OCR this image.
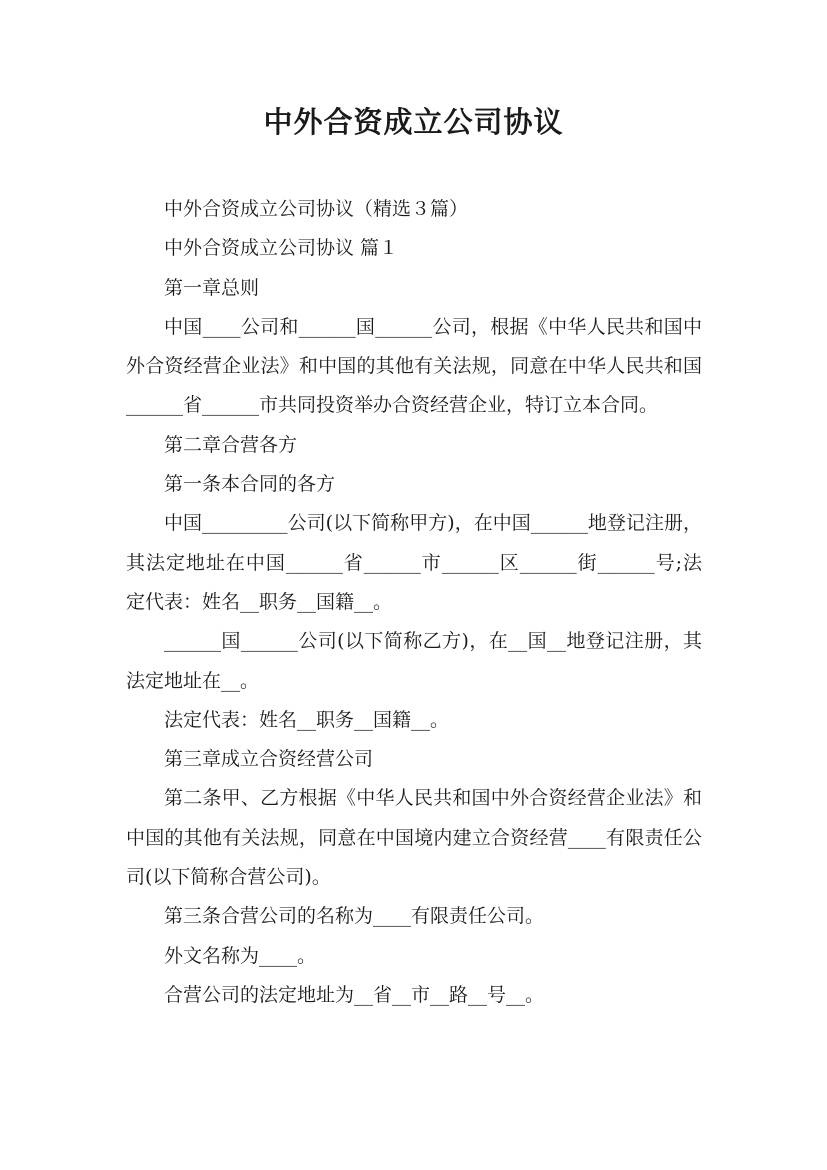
中外合资成立公司协议

中外合资成立公司协议（精选３篇）

中外合资成立公司协议 篇１

第一章总则

中国____公司和______国______公司，根据《中华人民共和国中外合资经营企业法》和中国的其他有关法规，同意在中华人民共和国______省______市共同投资举办合资经营企业，特订立本合同。

第二章合营各方

第一条本合同的各方

中国_________公司(以下简称甲方)，在中国______地登记注册，其法定地址在中国______省______市______区______街______号;法定代表：姓名__职务__国籍__。

______国______公司(以下简称乙方)，在__国__地登记注册，其法定地址在__。

法定代表：姓名__职务__国籍__。

第三章成立合资经营公司

第二条甲、乙方根据《中华人民共和国中外合资经营企业法》和中国的其他有关法规，同意在中国境内建立合资经营____有限责任公司(以下简称合营公司)。

第三条合营公司的名称为____有限责任公司。

外文名称为____。

合营公司的法定地址为__省__市__路__号__。
